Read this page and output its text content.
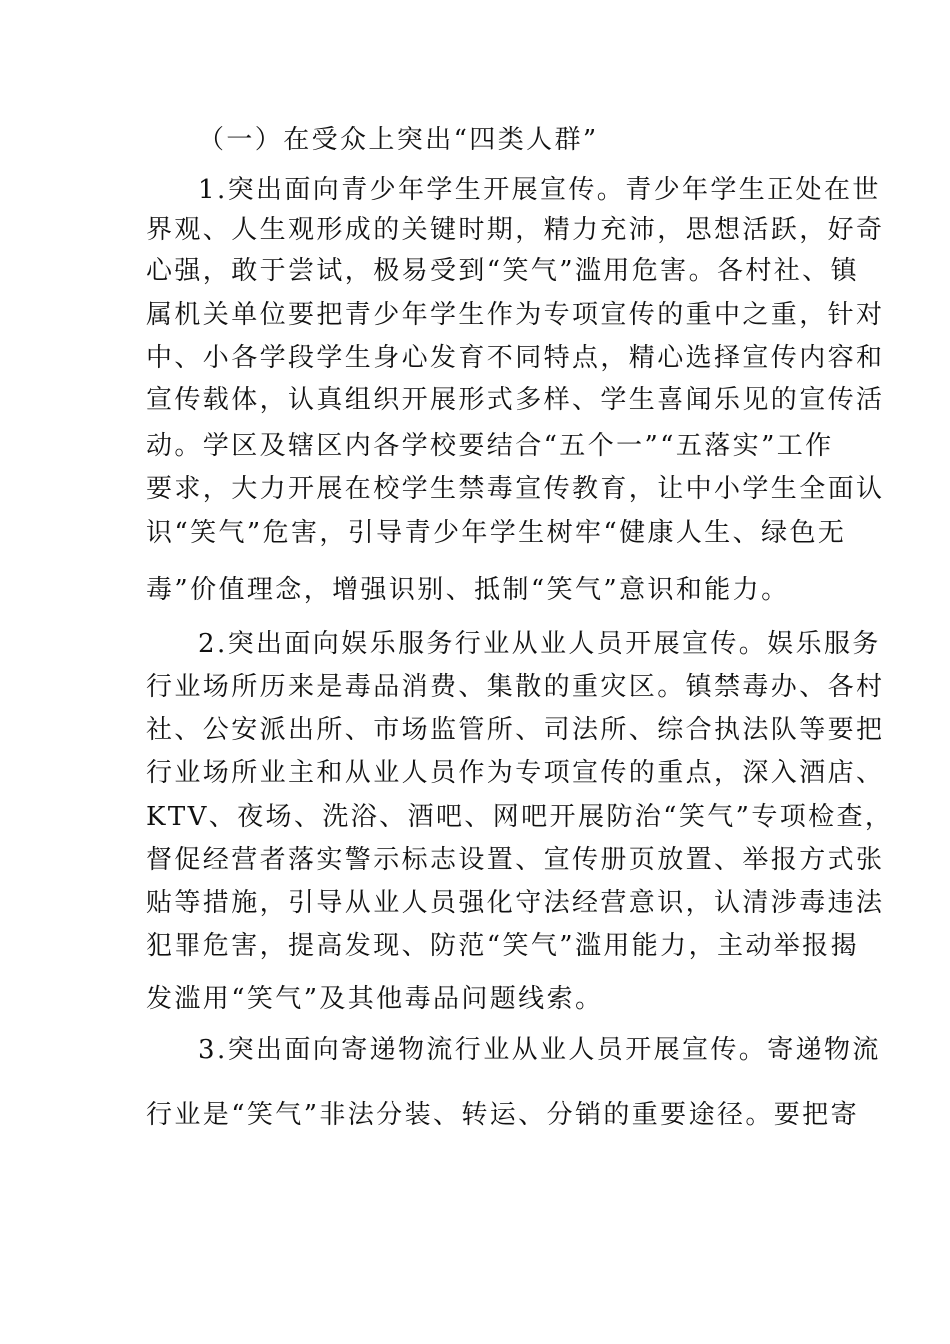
（一）在受众上突出“四类人群”
1.突出面向青少年学生开展宣传。青少年学生正处在世
界观、人生观形成的关键时期，精力充沛，思想活跃，好奇
心强，敢于尝试，极易受到“笑气”滥用危害。各村社、镇
属机关单位要把青少年学生作为专项宣传的重中之重，针对
中、小各学段学生身心发育不同特点，精心选择宣传内容和
宣传载体，认真组织开展形式多样、学生喜闻乐见的宣传活
动。学区及辖区内各学校要结合“五个一”“五落实”工作
要求，大力开展在校学生禁毒宣传教育，让中小学生全面认
识“笑气”危害，引导青少年学生树牢“健康人生、绿色无
毒”价值理念，增强识别、抵制“笑气”意识和能力。
2.突出面向娱乐服务行业从业人员开展宣传。娱乐服务
行业场所历来是毒品消费、集散的重灾区。镇禁毒办、各村
社、公安派出所、市场监管所、司法所、综合执法队等要把
行业场所业主和从业人员作为专项宣传的重点，深入酒店、
KTV、夜场、洗浴、酒吧、网吧开展防治“笑气”专项检查，
督促经营者落实警示标志设置、宣传册页放置、举报方式张
贴等措施，引导从业人员强化守法经营意识，认清涉毒违法
犯罪危害，提高发现、防范“笑气”滥用能力，主动举报揭
发滥用“笑气”及其他毒品问题线索。
3.突出面向寄递物流行业从业人员开展宣传。寄递物流
行业是“笑气”非法分装、转运、分销的重要途径。要把寄
